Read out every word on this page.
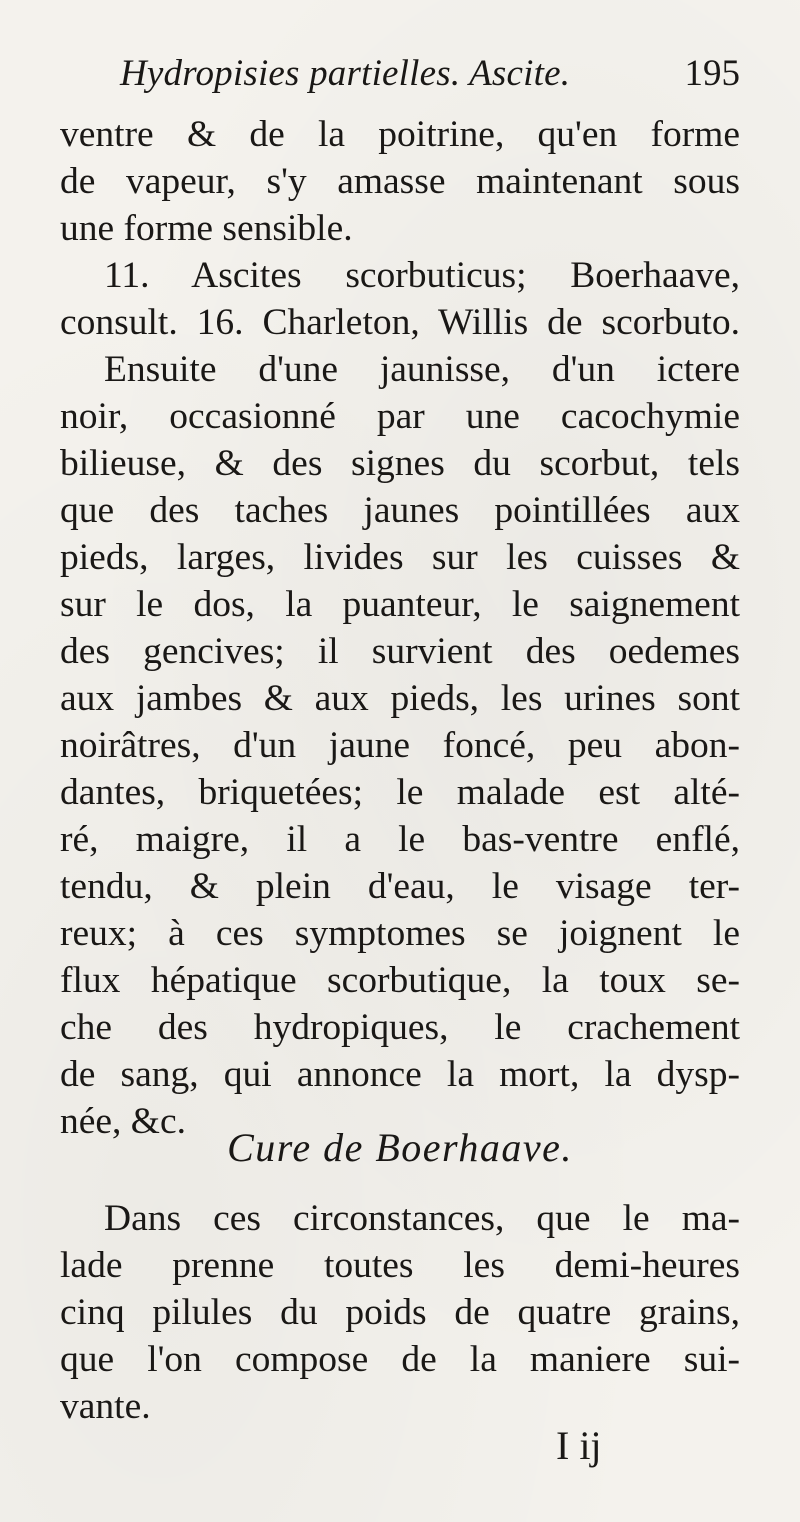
Hydropisies partielles. Ascite.	195
ventre & de la poitrine, qu'en forme
de vapeur, s'y amasse maintenant sous
une forme sensible.
11. Ascites scorbuticus; Boerhaave,
consult. 16. Charleton, Willis de scorbuto.
Ensuite d'une jaunisse, d'un ictere
noir, occasionné par une cacochymie
bilieuse, & des signes du scorbut, tels
que des taches jaunes pointillées aux
pieds, larges, livides sur les cuisses &
sur le dos, la puanteur, le saignement
des gencives; il survient des oedemes
aux jambes & aux pieds, les urines sont
noirâtres, d'un jaune foncé, peu abon-
dantes, briquetées; le malade est alté-
ré, maigre, il a le bas-ventre enflé,
tendu, & plein d'eau, le visage ter-
reux; à ces symptomes se joignent le
flux hépatique scorbutique, la toux se-
che des hydropiques, le crachement
de sang, qui annonce la mort, la dysp-
née, &c.
Cure de Boerhaave.
Dans ces circonstances, que le ma-
lade prenne toutes les demi-heures
cinq pilules du poids de quatre grains,
que l'on compose de la maniere sui-
vante.
I ij
